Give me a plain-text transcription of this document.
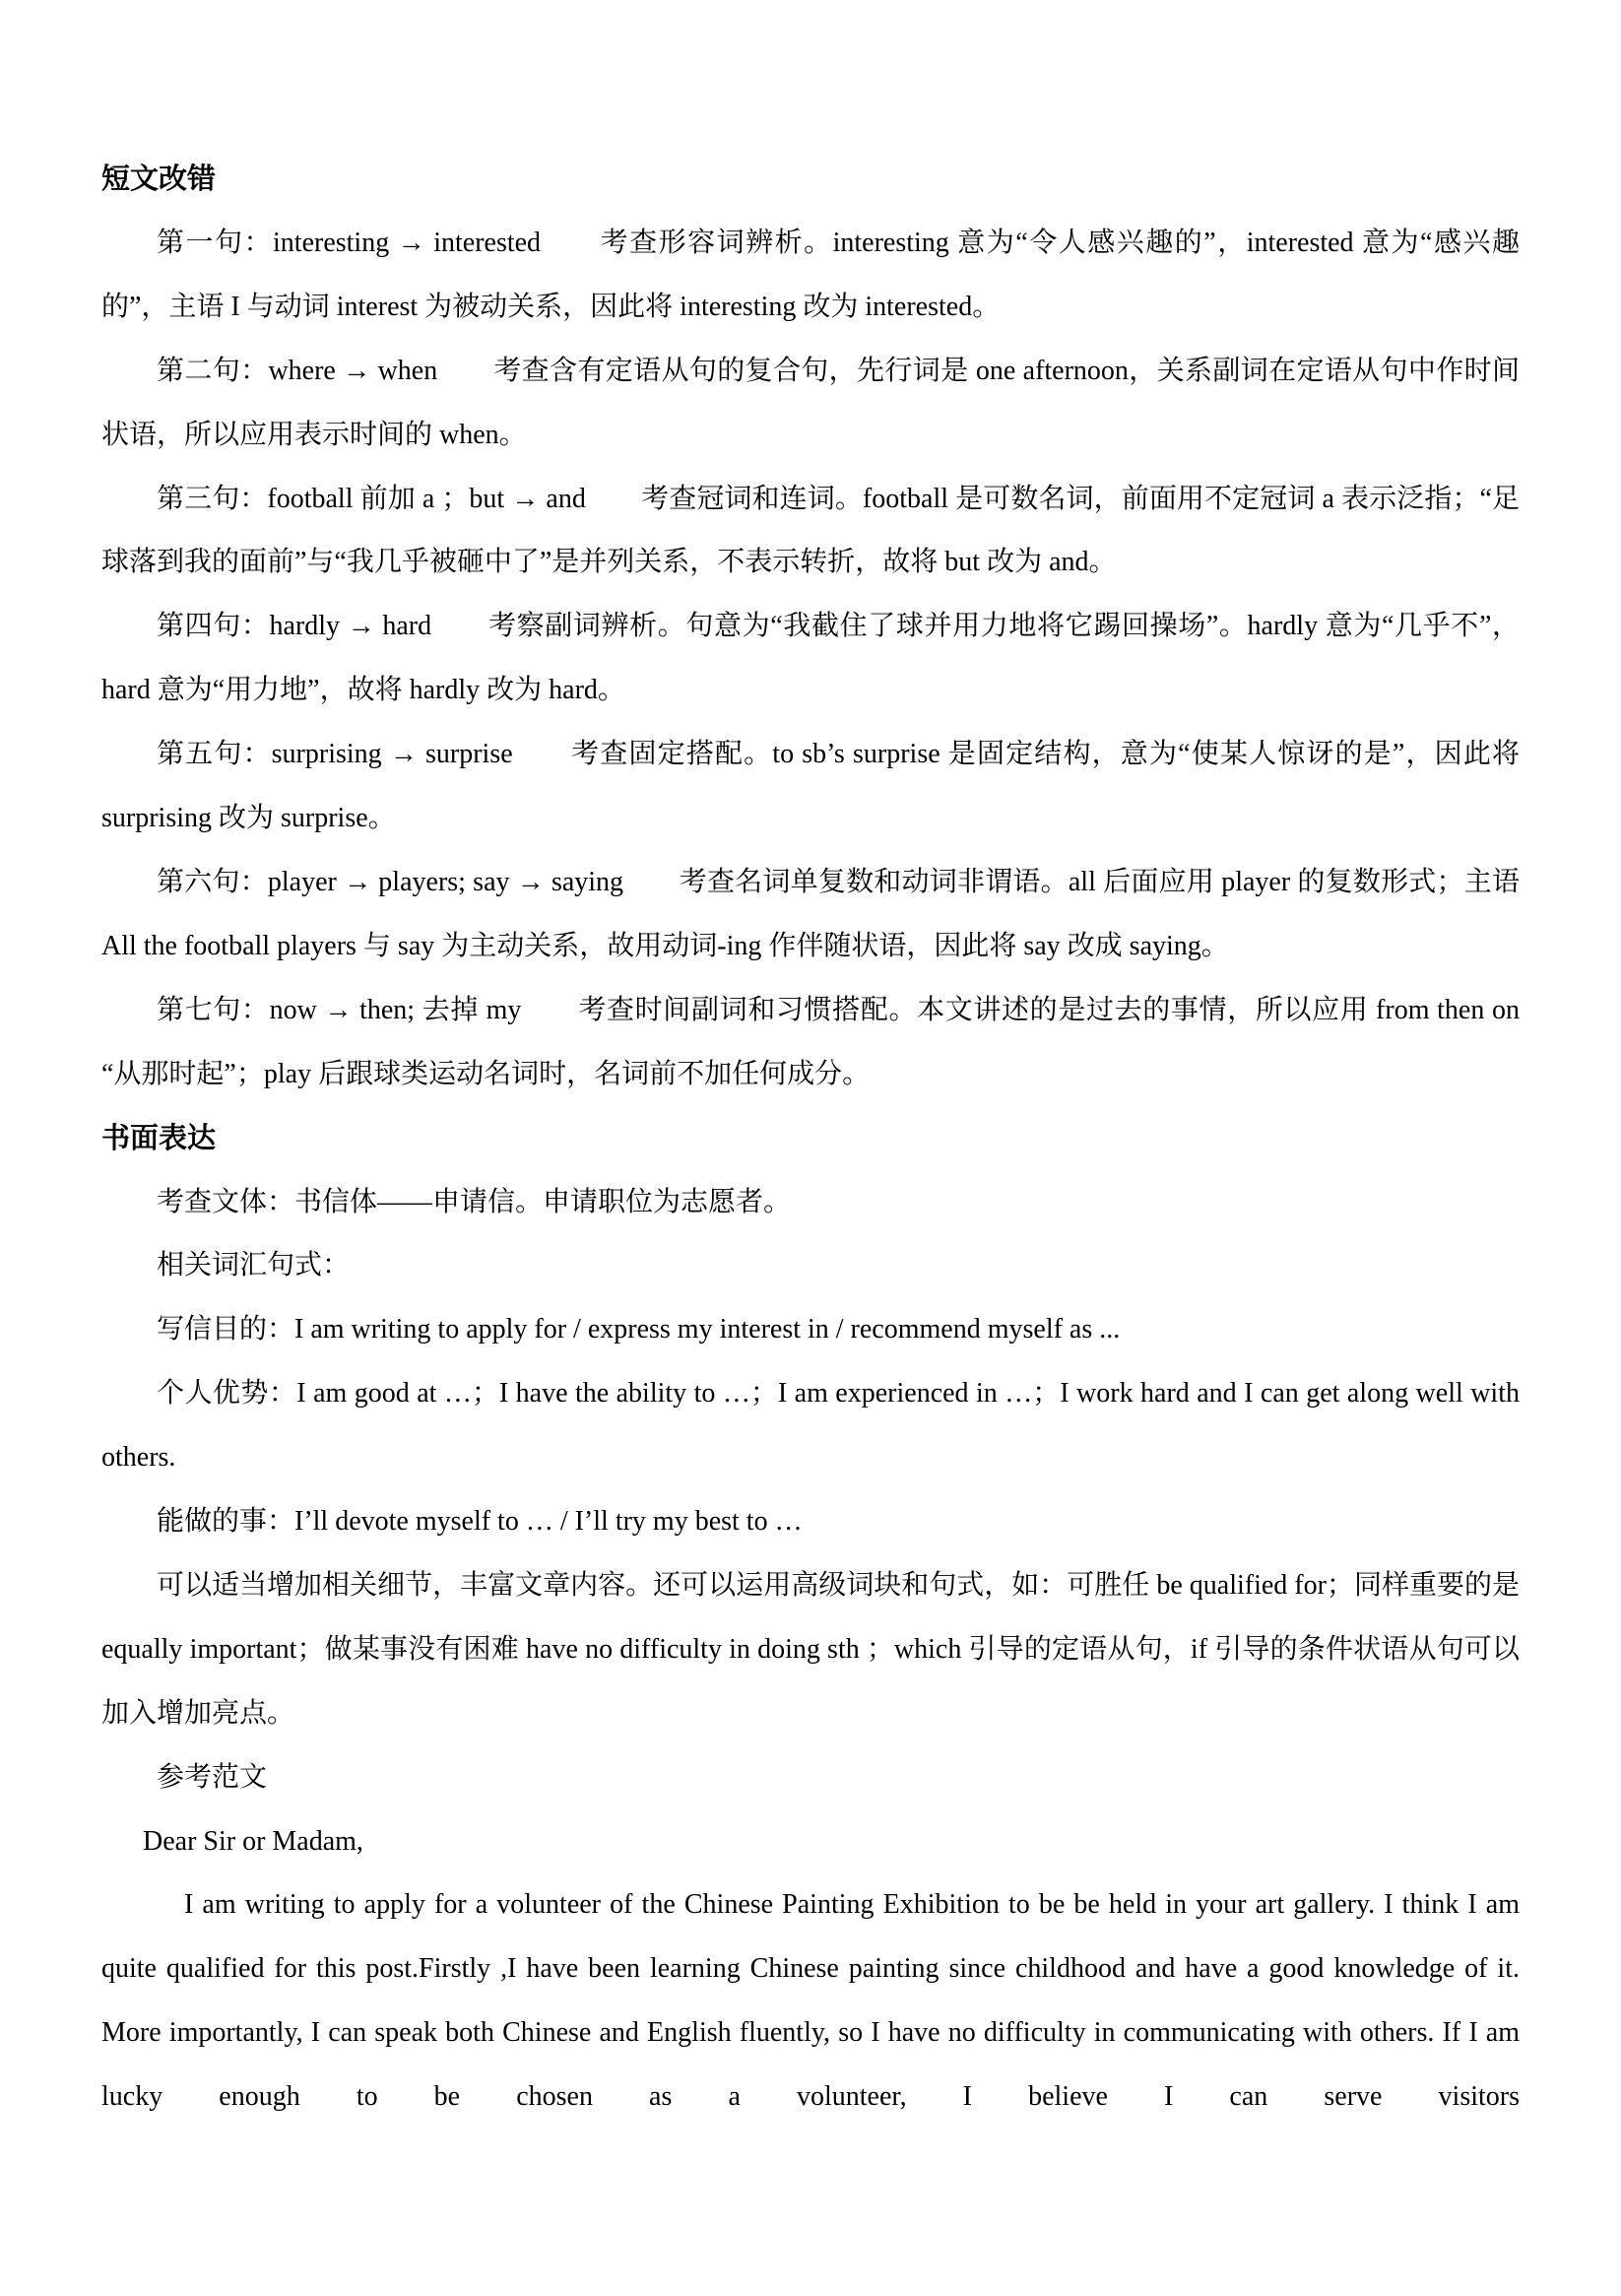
短文改错

第一句：interesting → interested　　考查形容词辨析。interesting 意为“令人感兴趣的”，interested 意为“感兴趣的”，主语 I 与动词 interest 为被动关系，因此将 interesting 改为 interested。

第二句：where → when　　考查含有定语从句的复合句，先行词是 one afternoon，关系副词在定语从句中作时间状语，所以应用表示时间的 when。

第三句：football 前加 a ；but → and　　考查冠词和连词。football 是可数名词，前面用不定冠词 a 表示泛指；“足球落到我的面前”与“我几乎被砸中了”是并列关系，不表示转折，故将 but 改为 and。

第四句：hardly → hard　　考察副词辨析。句意为“我截住了球并用力地将它踢回操场”。hardly 意为“几乎不”，hard 意为“用力地”，故将 hardly 改为 hard。

第五句：surprising → surprise　　考查固定搭配。to sb’s surprise 是固定结构，意为“使某人惊讶的是”，因此将 surprising 改为 surprise。

第六句：player → players; say → saying　　考查名词单复数和动词非谓语。all 后面应用 player 的复数形式；主语 All the football players 与 say 为主动关系，故用动词-ing 作伴随状语，因此将 say 改成 saying。

第七句：now → then; 去掉 my　　考查时间副词和习惯搭配。本文讲述的是过去的事情，所以应用 from then on “从那时起”；play 后跟球类运动名词时，名词前不加任何成分。

书面表达

考查文体：书信体——申请信。申请职位为志愿者。

相关词汇句式：

写信目的：I am writing to apply for / express my interest in / recommend myself as ...

个人优势：I am good at …；I have the ability to …；I am experienced in …；I work hard and I can get along well with others.

能做的事：I’ll devote myself to … / I’ll try my best to …

可以适当增加相关细节，丰富文章内容。还可以运用高级词块和句式，如：可胜任 be qualified for；同样重要的是 equally important；做某事没有困难 have no difficulty in doing sth ；which 引导的定语从句，if 引导的条件状语从句可以加入增加亮点。

参考范文

Dear Sir or Madam,

I am writing to apply for a volunteer of the Chinese Painting Exhibition to be be held in your art gallery. I think I am quite qualified for this post.Firstly ,I have been learning Chinese painting since childhood and have a good knowledge of it. More importantly, I can speak both Chinese and English fluently, so I have no difficulty in communicating with others. If I am lucky enough to be chosen as a volunteer, I believe I can serve visitors
